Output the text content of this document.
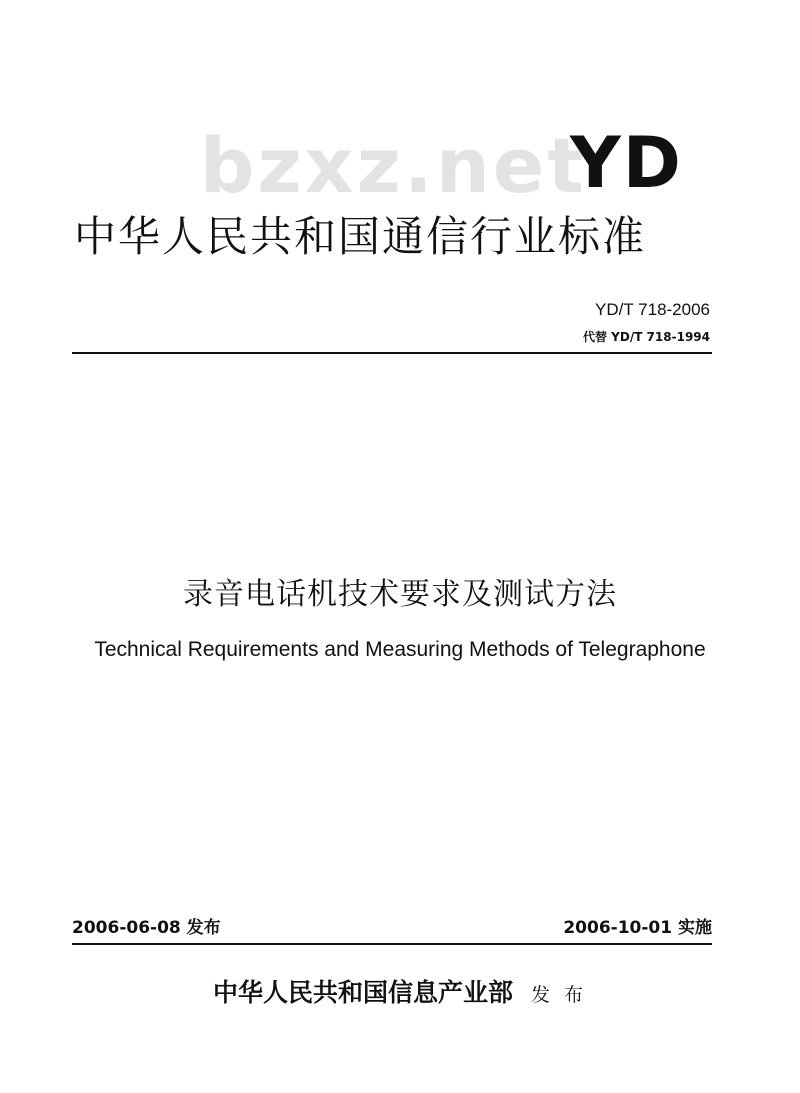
bzxz.net
YD
中华人民共和国通信行业标准
YD/T 718-2006
代替 YD/T 718-1994
录音电话机技术要求及测试方法
Technical Requirements and Measuring Methods of Telegraphone
2006-06-08 发布	2006-10-01 实施
中华人民共和国信息产业部 发 布
